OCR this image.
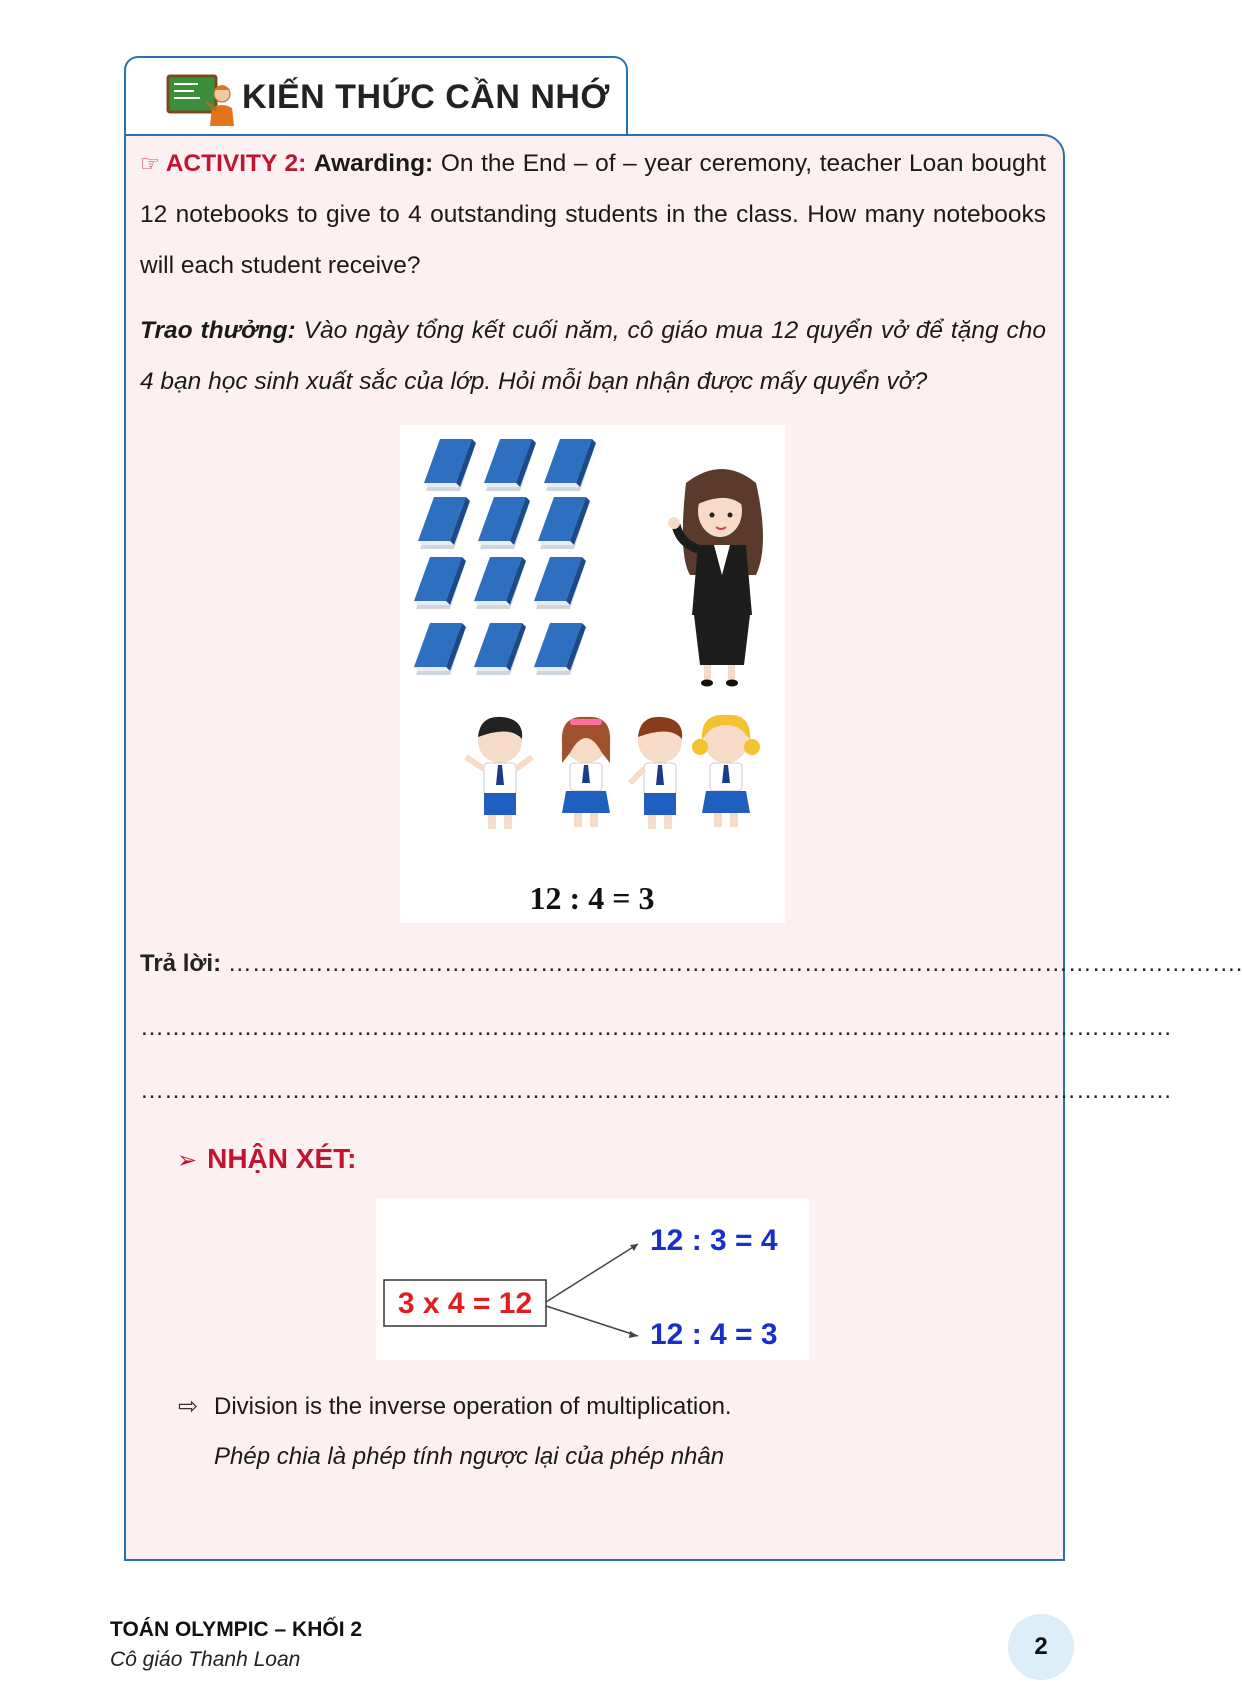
KIẾN THỨC CẦN NHỚ

☞ ACTIVITY 2: Awarding: On the End – of – year ceremony, teacher Loan bought 12 notebooks to give to 4 outstanding students in the class. How many notebooks will each student receive?

Trao thưởng: Vào ngày tổng kết cuối năm, cô giáo mua 12 quyển vở để tặng cho 4 bạn học sinh xuất sắc của lớp. Hỏi mỗi bạn nhận được mấy quyển vở?

12 : 4 = 3
Trả lời: ……………………………………………………………………………………………………………….
…………………………………………………………………………………………………………………
…………………………………………………………………………………………………………………
➢ NHẬN XÉT:
3 x 4 = 12
12 : 3 = 4
12 : 4 = 3
⇨ Division is the inverse operation of multiplication.
Phép chia là phép tính ngược lại của phép nhân
TOÁN OLYMPIC – KHỐI 2
Cô giáo Thanh Loan	2
